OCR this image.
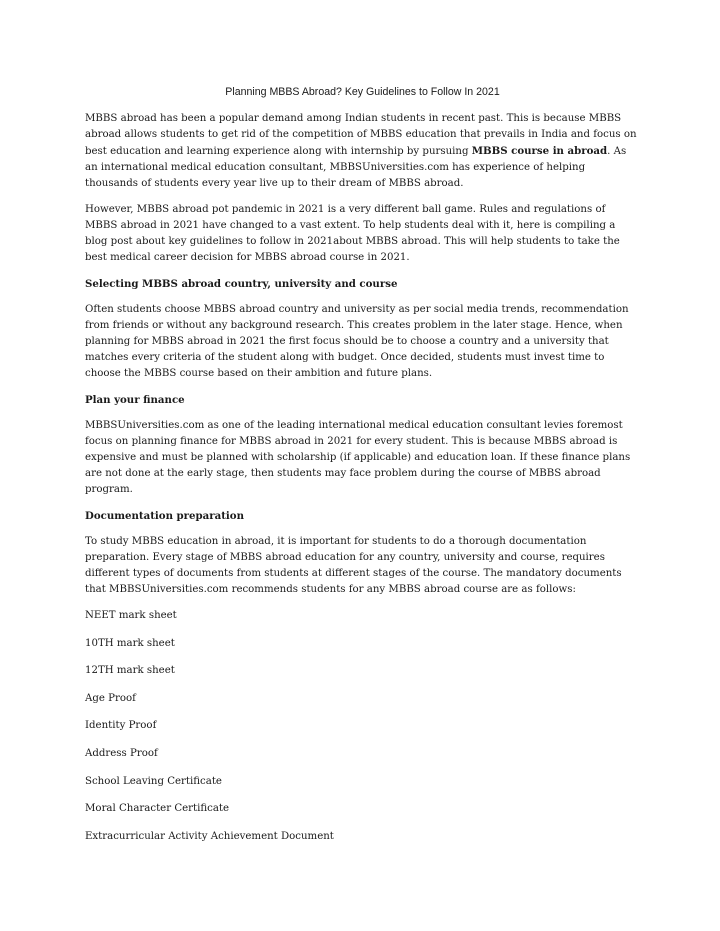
Planning MBBS Abroad? Key Guidelines to Follow In 2021

MBBS abroad has been a popular demand among Indian students in recent past. This is because MBBS abroad allows students to get rid of the competition of MBBS education that prevails in India and focus on best education and learning experience along with internship by pursuing MBBS course in abroad. As an international medical education consultant, MBBSUniversities.com has experience of helping thousands of students every year live up to their dream of MBBS abroad.

However, MBBS abroad pot pandemic in 2021 is a very different ball game. Rules and regulations of MBBS abroad in 2021 have changed to a vast extent. To help students deal with it, here is compiling a blog post about key guidelines to follow in 2021about MBBS abroad. This will help students to take the best medical career decision for MBBS abroad course in 2021.

Selecting MBBS abroad country, university and course

Often students choose MBBS abroad country and university as per social media trends, recommendation from friends or without any background research. This creates problem in the later stage. Hence, when planning for MBBS abroad in 2021 the first focus should be to choose a country and a university that matches every criteria of the student along with budget. Once decided, students must invest time to choose the MBBS course based on their ambition and future plans.

Plan your finance

MBBSUniversities.com as one of the leading international medical education consultant levies foremost focus on planning finance for MBBS abroad in 2021 for every student. This is because MBBS abroad is expensive and must be planned with scholarship (if applicable) and education loan. If these finance plans are not done at the early stage, then students may face problem during the course of MBBS abroad program.

Documentation preparation

To study MBBS education in abroad, it is important for students to do a thorough documentation preparation. Every stage of MBBS abroad education for any country, university and course, requires different types of documents from students at different stages of the course. The mandatory documents that MBBSUniversities.com recommends students for any MBBS abroad course are as follows:

NEET mark sheet
10TH mark sheet
12TH mark sheet
Age Proof
Identity Proof
Address Proof
School Leaving Certificate
Moral Character Certificate
Extracurricular Activity Achievement Document
